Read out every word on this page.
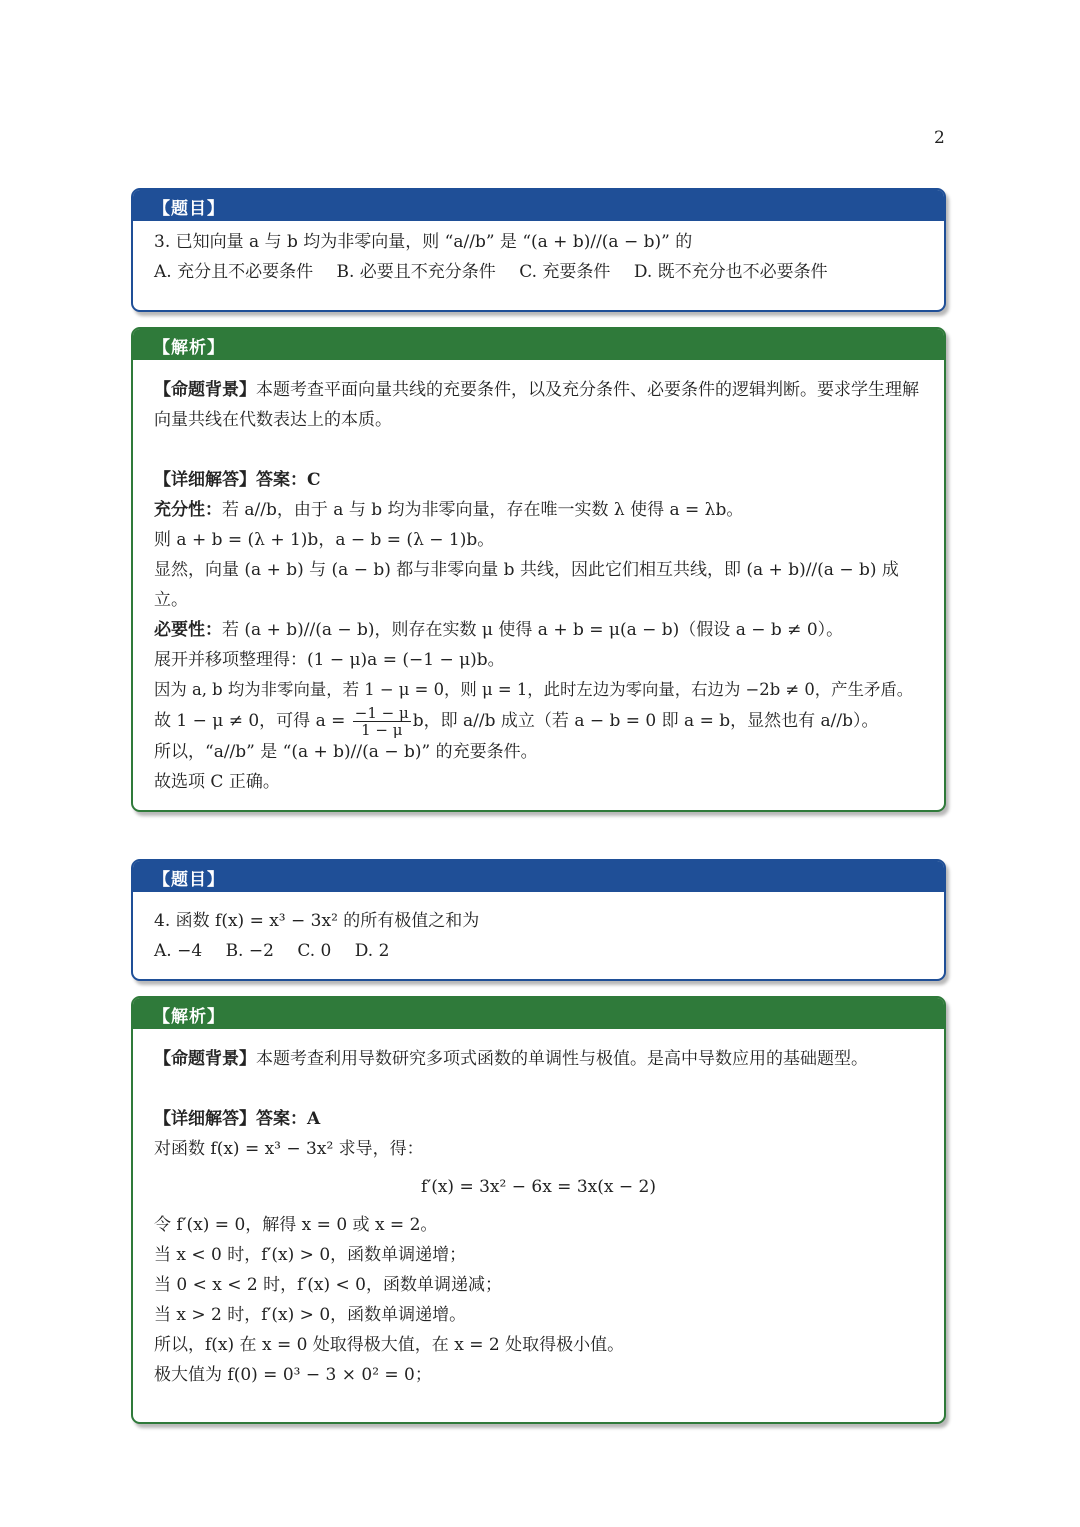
2
【题目】
3. 已知向量 a 与 b 均为非零向量，则 “a//b” 是 “(a + b)//(a − b)” 的
A. 充分且不必要条件 B. 必要且不充分条件 C. 充要条件 D. 既不充分也不必要条件
【解析】
【命题背景】本题考查平面向量共线的充要条件，以及充分条件、必要条件的逻辑判断。要求学生理解向量共线在代数表达上的本质。
【详细解答】答案：C
充分性：若 a//b，由于 a 与 b 均为非零向量，存在唯一实数 λ 使得 a = λb。
则 a + b = (λ + 1)b，a − b = (λ − 1)b。
显然，向量 (a + b) 与 (a − b) 都与非零向量 b 共线，因此它们相互共线，即 (a + b)//(a − b) 成立。
必要性：若 (a + b)//(a − b)，则存在实数 μ 使得 a + b = μ(a − b)（假设 a − b ≠ 0）。
展开并移项整理得：(1 − μ)a = (−1 − μ)b。
因为 a, b 均为非零向量，若 1 − μ = 0，则 μ = 1，此时左边为零向量，右边为 −2b ≠ 0，产生矛盾。
故 1 − μ ≠ 0，可得 $a = \frac{-1 - \mu}{1 - \mu}$ b，即 a//b 成立（若 a − b = 0 即 a = b，显然也有 a//b）。
所以，“a//b” 是 “(a + b)//(a − b)” 的充要条件。
故选项 C 正确。
【题目】
4. 函数 f(x) = x³ − 3x² 的所有极值之和为
A. −4 B. −2 C. 0 D. 2
【解析】
【命题背景】本题考查利用导数研究多项式函数的单调性与极值。是高中导数应用的基础题型。
【详细解答】答案：A
对函数 f(x) = x³ − 3x² 求导，得：
f′(x) = 3x² − 6x = 3x(x − 2)
令 f′(x) = 0，解得 x = 0 或 x = 2。
当 x < 0 时，f′(x) > 0，函数单调递增；
当 0 < x < 2 时，f′(x) < 0，函数单调递减；
当 x > 2 时，f′(x) > 0，函数单调递增。
所以，f(x) 在 x = 0 处取得极大值，在 x = 2 处取得极小值。
极大值为 f(0) = 0³ − 3 × 0² = 0；
